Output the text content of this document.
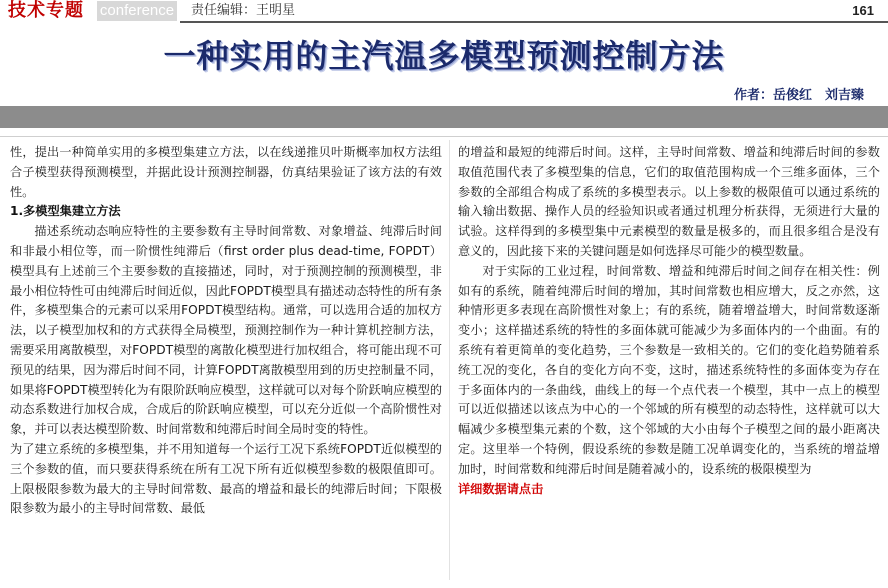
技术专题 conference 责任编辑：王明星	161
一种实用的主汽温多模型预测控制方法
作者：岳俊红　刘吉臻

性，提出一种简单实用的多模型集建立方法，以在线递推贝叶斯概率加权方法组合子模型获得预测模型，并据此设计预测控制器，仿真结果验证了该方法的有效性。

1.多模型集建立方法

描述系统动态响应特性的主要参数有主导时间常数、对象增益、纯滞后时间和非最小相位等，而一阶惯性纯滞后（first order plus dead-time, FOPDT）模型具有上述前三个主要参数的直接描述，同时，对于预测控制的预测模型，非最小相位特性可由纯滞后时间近似，因此FOPDT模型具有描述动态特性的所有条件，多模型集合的元素可以采用FOPDT模型结构。通常，可以选用合适的加权方法，以子模型加权和的方式获得全局模型，预测控制作为一种计算机控制方法，需要采用离散模型，对FOPDT模型的离散化模型进行加权组合，将可能出现不可预见的结果，因为滞后时间不同，计算FOPDT离散模型用到的历史控制量不同，如果将FOPDT模型转化为有限阶跃响应模型，这样就可以对每个阶跃响应模型的动态系数进行加权合成，合成后的阶跃响应模型，可以充分近似一个高阶惯性对象，并可以表达模型阶数、时间常数和纯滞后时间全局时变的特性。

为了建立系统的多模型集，并不用知道每一个运行工况下系统FOPDT近似模型的三个参数的值，而只要获得系统在所有工况下所有近似模型参数的极限值即可。上限极限参数为最大的主导时间常数、最高的增益和最长的纯滞后时间；下限极限参数为最小的主导时间常数、最低

的增益和最短的纯滞后时间。这样，主导时间常数、增益和纯滞后时间的参数取值范围代表了多模型集的信息，它们的取值范围构成一个三维多面体，三个参数的全部组合构成了系统的多模型表示。以上参数的极限值可以通过系统的输入输出数据、操作人员的经验知识或者通过机理分析获得，无须进行大量的试验。这样得到的多模型集中元素模型的数量是极多的，而且很多组合是没有意义的，因此接下来的关键问题是如何选择尽可能少的模型数量。

对于实际的工业过程，时间常数、增益和纯滞后时间之间存在相关性：例如有的系统，随着纯滞后时间的增加，其时间常数也相应增大，反之亦然，这种情形更多表现在高阶惯性对象上；有的系统，随着增益增大，时间常数逐渐变小；这样描述系统的特性的多面体就可能减少为多面体内的一个曲面。有的系统有着更简单的变化趋势，三个参数是一致相关的。它们的变化趋势随着系统工况的变化，各自的变化方向不变，这时，描述系统特性的多面体变为存在于多面体内的一条曲线，曲线上的每一个点代表一个模型，其中一点上的模型可以近似描述以该点为中心的一个邻域的所有模型的动态特性，这样就可以大幅减少多模型集元素的个数，这个邻域的大小由每个子模型之间的最小距离决定。这里举一个特例，假设系统的参数是随工况单调变化的，当系统的增益增加时，时间常数和纯滞后时间是随着减小的，设系统的极限模型为

详细数据请点击
